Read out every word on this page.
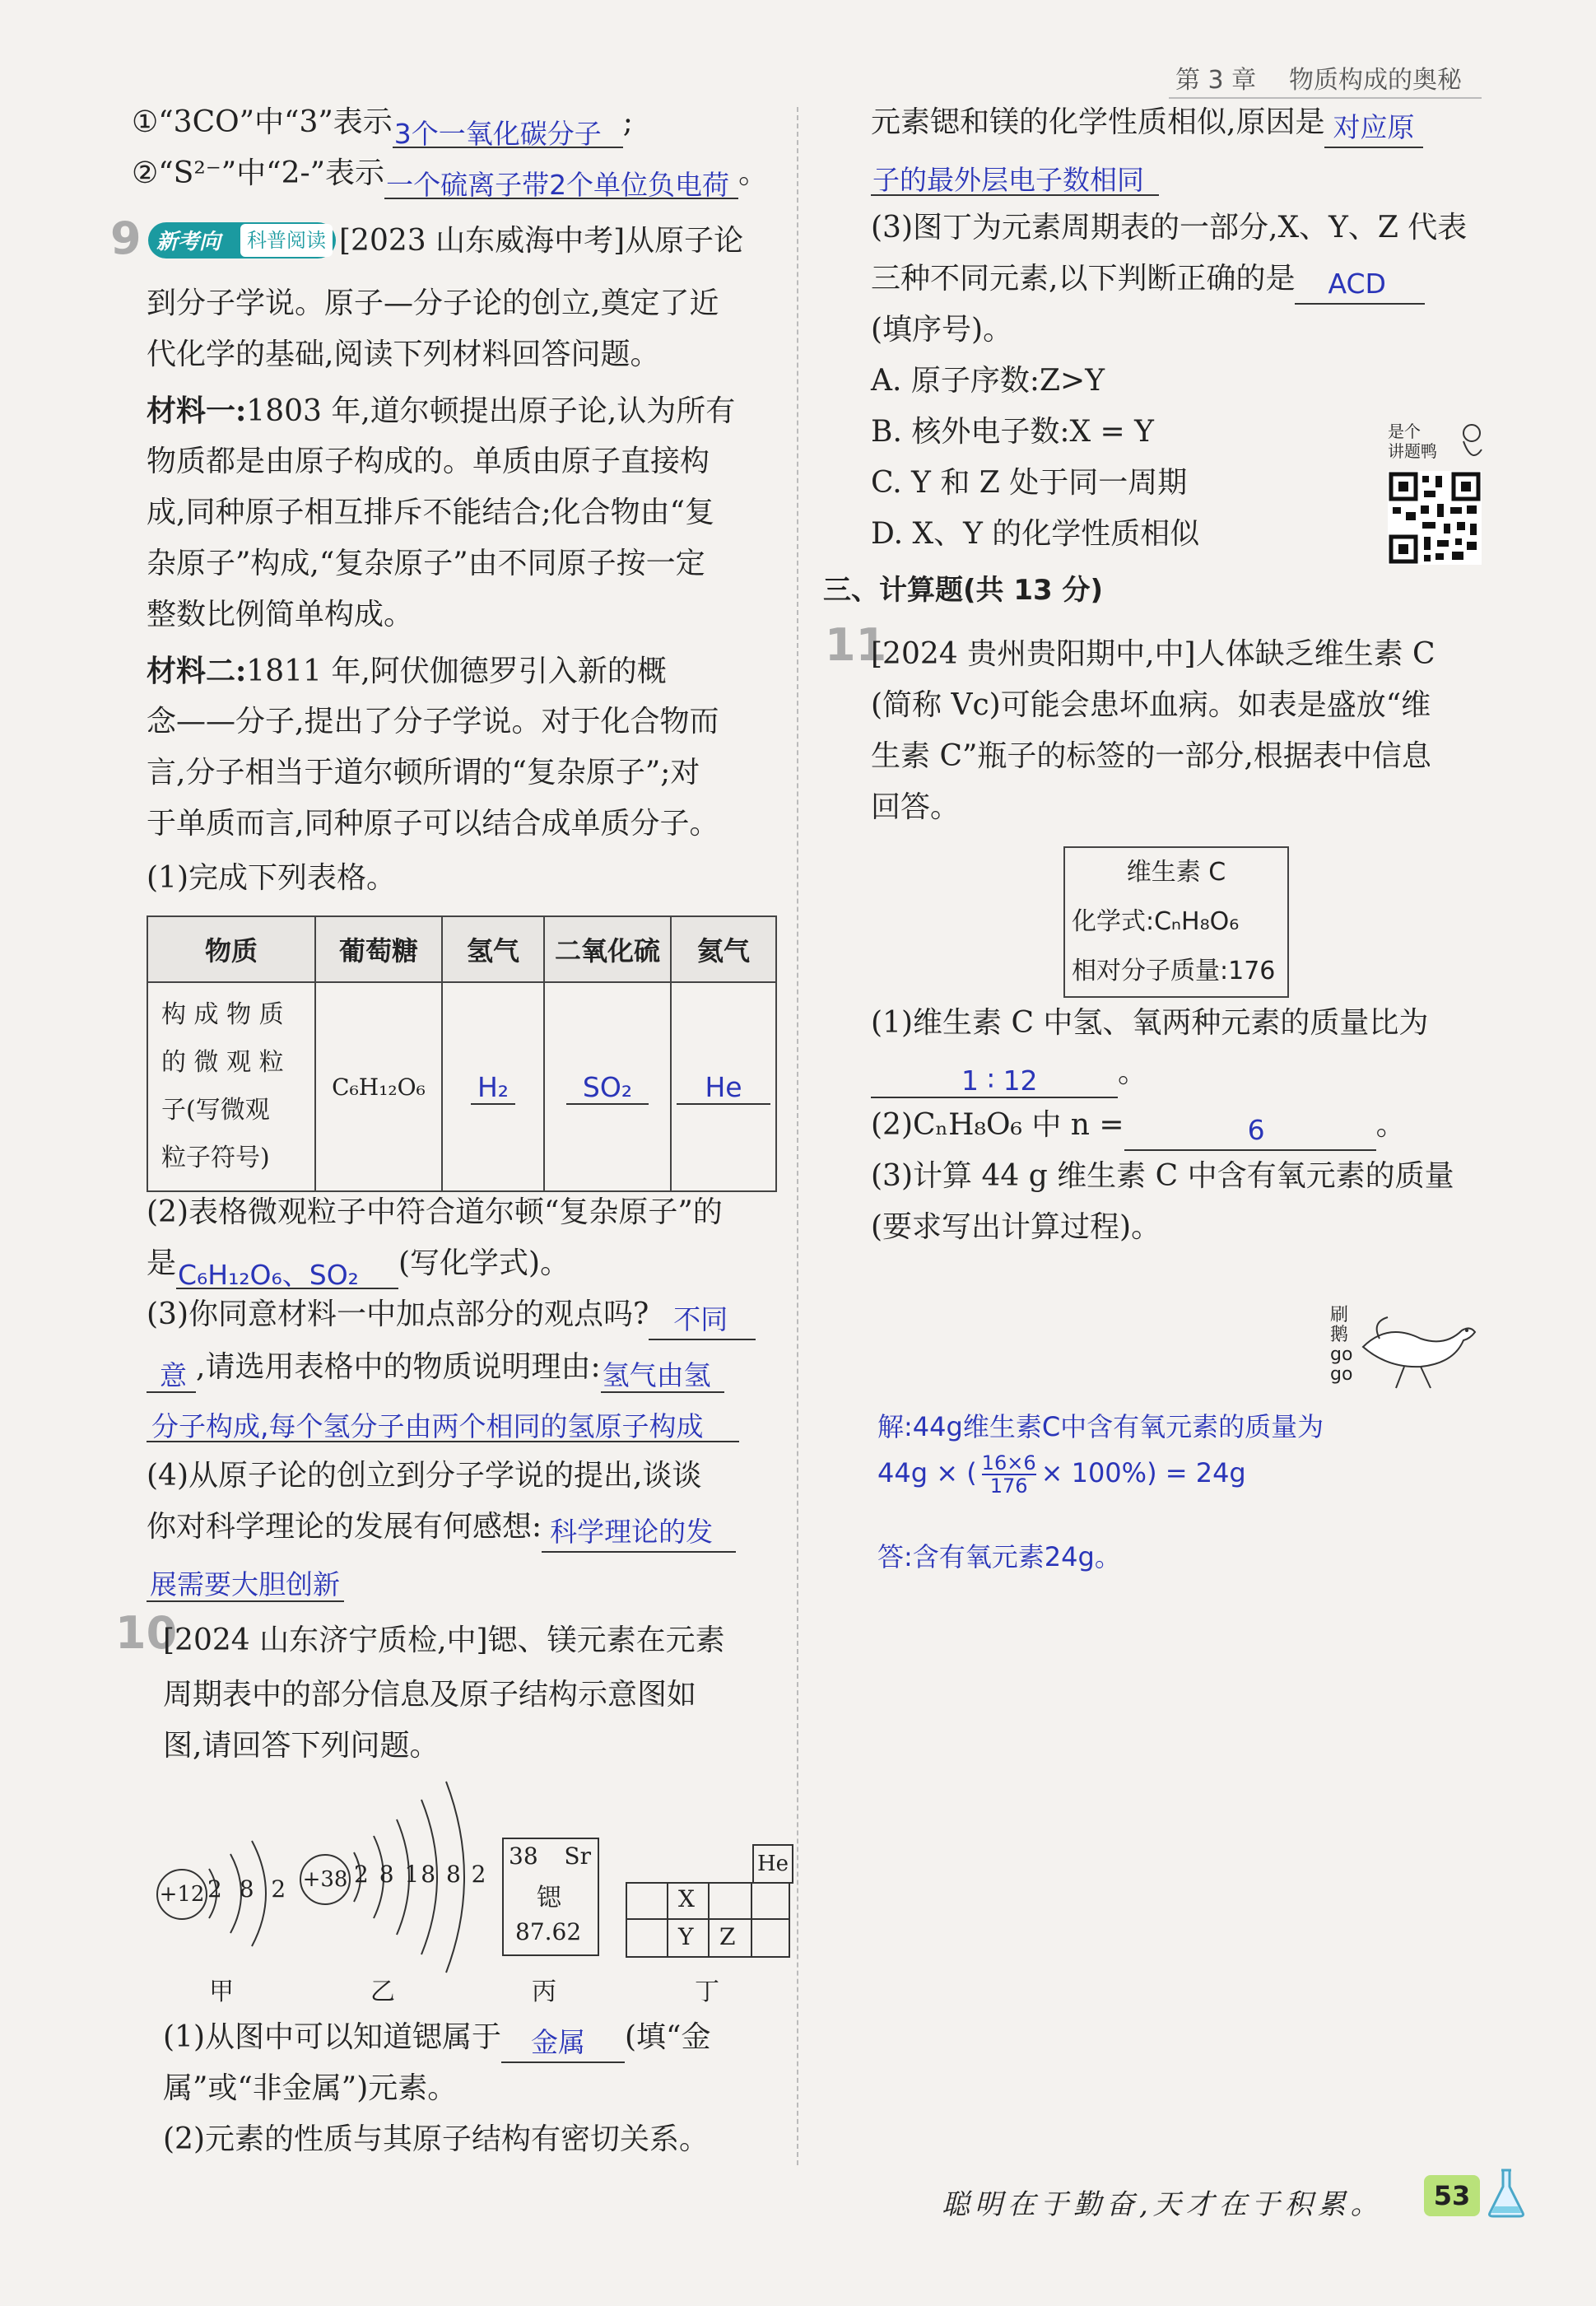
第 3 章 物质构成的奥秘
①“3CO”中“3”表示 3个一氧化碳分子 ;
②“S²⁻”中“2-”表示 一个硫离子带2个单位负电荷 。
9 新考向	科普阅读 [2023 山东威海中考]从原子论
到分子学说。原子—分子论的创立,奠定了近
代化学的基础,阅读下列材料回答问题。
材料一:1803 年,道尔顿提出原子论,认为所有
物质都是由原子构成的。单质由原子直接构
成,同种原子相互排斥不能结合;化合物由“复
杂原子”构成,“复杂原子”由不同原子按一定
整数比例简单构成。
材料二:1811 年,阿伏伽德罗引入新的概
念——分子,提出了分子学说。对于化合物而
言,分子相当于道尔顿所谓的“复杂原子”;对
于单质而言,同种原子可以结合成单质分子。
(1)完成下列表格。
物质	葡萄糖	氢气	二氧化硫	氦气

构 成 物 质
的 微 观 粒
子(写微观
粒子符号)	C₆H₁₂O₆	H₂	SO₂	He
(2)表格微观粒子中符合道尔顿“复杂原子”的
是 C₆H₁₂O₆、SO₂ (写化学式)。
(3)你同意材料一中加点部分的观点吗? 不同
意 ,请选用表格中的物质说明理由: 氢气由氢
分子构成,每个氢分子由两个相同的氢原子构成
(4)从原子论的创立到分子学说的提出,谈谈
你对科学理论的发展有何感想: 科学理论的发
展需要大胆创新
10
[2024 山东济宁质检,中]锶、镁元素在元素
周期表中的部分信息及原子结构示意图如
图,请回答下列问题。
+12 2 8 2
甲
+38 2 8 18 8 2
乙
38 Sr
锶
87.62
丙
He
X
Y Z
丁
(1)从图中可以知道锶属于 金属 (填“金
属”或“非金属”)元素。
(2)元素的性质与其原子结构有密切关系。
元素锶和镁的化学性质相似,原因是 对应原
子的最外层电子数相同
(3)图丁为元素周期表的一部分,X、Y、Z 代表
三种不同元素,以下判断正确的是 ACD
(填序号)。
A. 原子序数:Z>Y
B. 核外电子数:X = Y
C. Y 和 Z 处于同一周期
D. X、Y 的化学性质相似
是个
讲题鸭
三、计算题(共 13 分)
11
[2024 贵州贵阳期中,中]人体缺乏维生素 C
(简称 Vc)可能会患坏血病。如表是盛放“维
生素 C”瓶子的标签的一部分,根据表中信息
回答。
维生素 C
化学式:CₙH₈O₆
相对分子质量:176
(1)维生素 C 中氢、氧两种元素的质量比为
1 ∶ 12	。
(2)CₙH₈O₆ 中 n =	6	。
(3)计算 44 g 维生素 C 中含有氧元素的质量
(要求写出计算过程)。
刷
鹅
go
go
解:44g维生素C中含有氧元素的质量为
44g × ( $\frac{16\times 6}{176} \times 100\%) = 24g$
答:含有氧元素24g。
聪明在于勤奋,天才在于积累。	53
